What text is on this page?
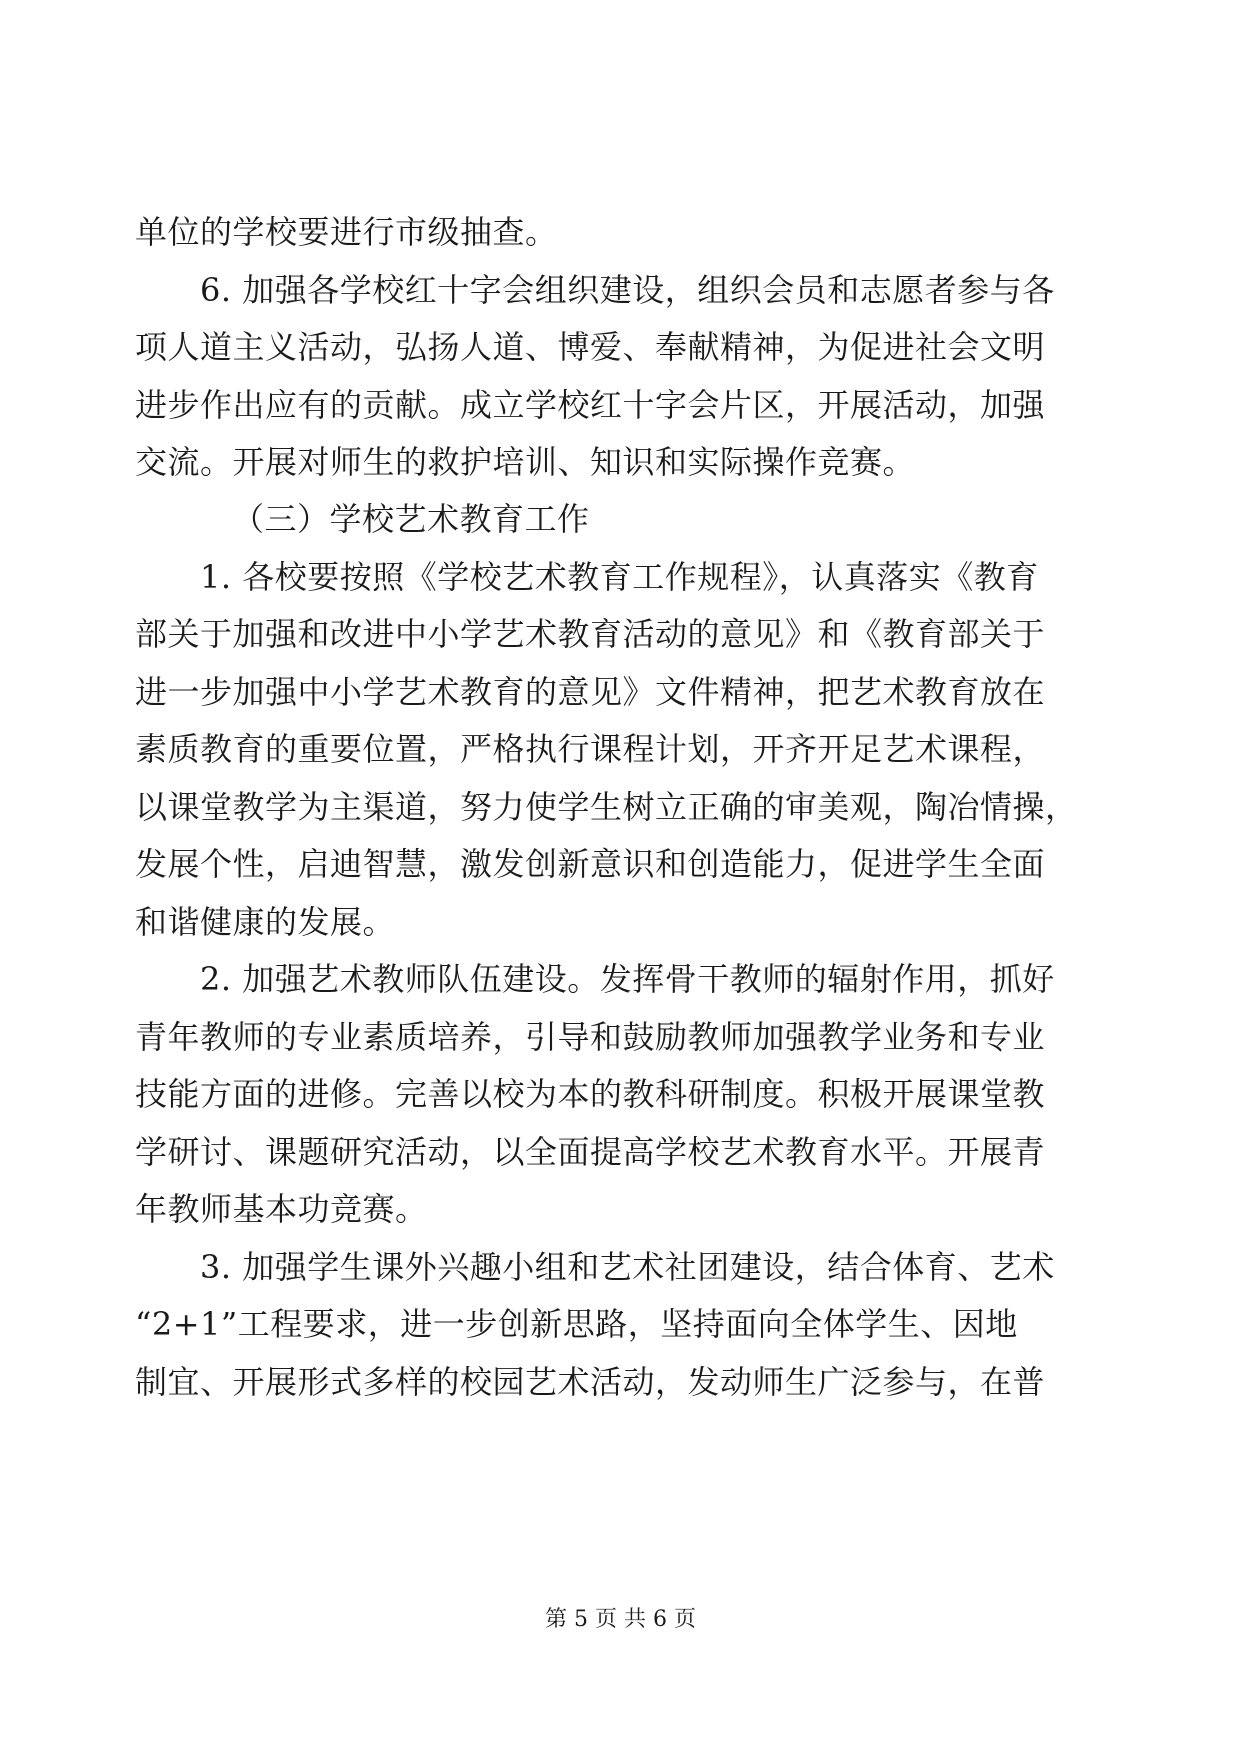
单位的学校要进行市级抽查。
6. 加强各学校红十字会组织建设，组织会员和志愿者参与各
项人道主义活动，弘扬人道、博爱、奉献精神，为促进社会文明
进步作出应有的贡献。成立学校红十字会片区，开展活动，加强
交流。开展对师生的救护培训、知识和实际操作竞赛。
（三）学校艺术教育工作
1. 各校要按照《学校艺术教育工作规程》，认真落实《教育
部关于加强和改进中小学艺术教育活动的意见》和《教育部关于
进一步加强中小学艺术教育的意见》文件精神，把艺术教育放在
素质教育的重要位置，严格执行课程计划，开齐开足艺术课程，
以课堂教学为主渠道，努力使学生树立正确的审美观，陶冶情操，
发展个性，启迪智慧，激发创新意识和创造能力，促进学生全面
和谐健康的发展。
2. 加强艺术教师队伍建设。发挥骨干教师的辐射作用，抓好
青年教师的专业素质培养，引导和鼓励教师加强教学业务和专业
技能方面的进修。完善以校为本的教科研制度。积极开展课堂教
学研讨、课题研究活动，以全面提高学校艺术教育水平。开展青
年教师基本功竞赛。
3. 加强学生课外兴趣小组和艺术社团建设，结合体育、艺术
“2+1”工程要求，进一步创新思路，坚持面向全体学生、因地
制宜、开展形式多样的校园艺术活动，发动师生广泛参与，在普
第 5 页 共 6 页
